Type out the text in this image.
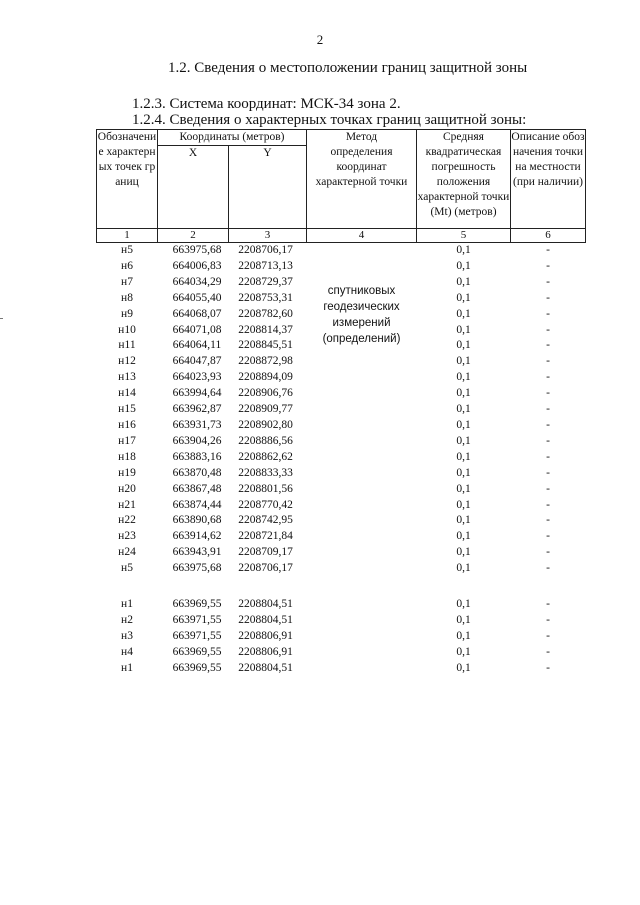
2
1.2. Сведения о местоположении границ защитной зоны
1.2.3. Система координат: МСК-34 зона 2.
1.2.4. Сведения о характерных точках границ защитной зоны:
Обозначение характерных точек границ	Координаты (метров)		Метод определения координат характерной точки	Средняя квадратическая погрешность положения характерной точки (Mt) (метров)	Описание обозначения точки на местности (при наличии)
	X	Y			
1	2	3	4	5	6
н5	663975,68	2208706,17	спутниковых геодезических измерений (определений)	0,1	-
н6	664006,83	2208713,13		0,1	-
н7	664034,29	2208729,37		0,1	-
н8	664055,40	2208753,31		0,1	-
н9	664068,07	2208782,60		0,1	-
н10	664071,08	2208814,37		0,1	-
н11	664064,11	2208845,51		0,1	-
н12	664047,87	2208872,98		0,1	-
н13	664023,93	2208894,09		0,1	-
н14	663994,64	2208906,76		0,1	-
н15	663962,87	2208909,77		0,1	-
н16	663931,73	2208902,80		0,1	-
н17	663904,26	2208886,56		0,1	-
н18	663883,16	2208862,62		0,1	-
н19	663870,48	2208833,33		0,1	-
н20	663867,48	2208801,56		0,1	-
н21	663874,44	2208770,42		0,1	-
н22	663890,68	2208742,95		0,1	-
н23	663914,62	2208721,84		0,1	-
н24	663943,91	2208709,17		0,1	-
н5	663975,68	2208706,17		0,1	-

н1	663969,55	2208804,51		0,1	-
н2	663971,55	2208804,51		0,1	-
н3	663971,55	2208806,91		0,1	-
н4	663969,55	2208806,91		0,1	-
н1	663969,55	2208804,51		0,1	-
